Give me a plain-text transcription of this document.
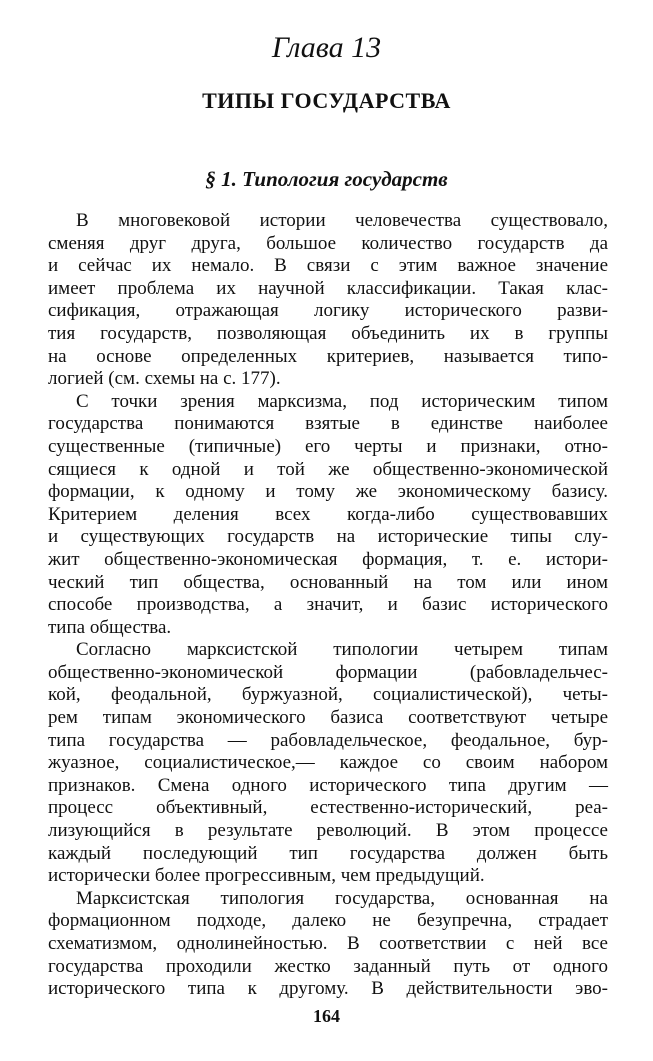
Глава 13
ТИПЫ ГОСУДАРСТВА
§ 1. Типология государств
В многовековой истории человечества существовало,
сменяя друг друга, большое количество государств да
и сейчас их немало. В связи с этим важное значение
имеет проблема их научной классификации. Такая клас-
сификация, отражающая логику исторического разви-
тия государств, позволяющая объединить их в группы
на основе определенных критериев, называется типо-
логией (см. схемы на с. 177).
С точки зрения марксизма, под историческим типом
государства понимаются взятые в единстве наиболее
существенные (типичные) его черты и признаки, отно-
сящиеся к одной и той же общественно-экономической
формации, к одному и тому же экономическому базису.
Критерием деления всех когда-либо существовавших
и существующих государств на исторические типы слу-
жит общественно-экономическая формация, т. е. истори-
ческий тип общества, основанный на том или ином
способе производства, а значит, и базис исторического
типа общества.
Согласно марксистской типологии четырем типам
общественно-экономической формации (рабовладельчес-
кой, феодальной, буржуазной, социалистической), четы-
рем типам экономического базиса соответствуют четыре
типа государства — рабовладельческое, феодальное, бур-
жуазное, социалистическое,— каждое со своим набором
признаков. Смена одного исторического типа другим —
процесс объективный, естественно-исторический, реа-
лизующийся в результате революций. В этом процессе
каждый последующий тип государства должен быть
исторически более прогрессивным, чем предыдущий.
Марксистская типология государства, основанная на
формационном подходе, далеко не безупречна, страдает
схематизмом, однолинейностью. В соответствии с ней все
государства проходили жестко заданный путь от одного
исторического типа к другому. В действительности эво-
164
